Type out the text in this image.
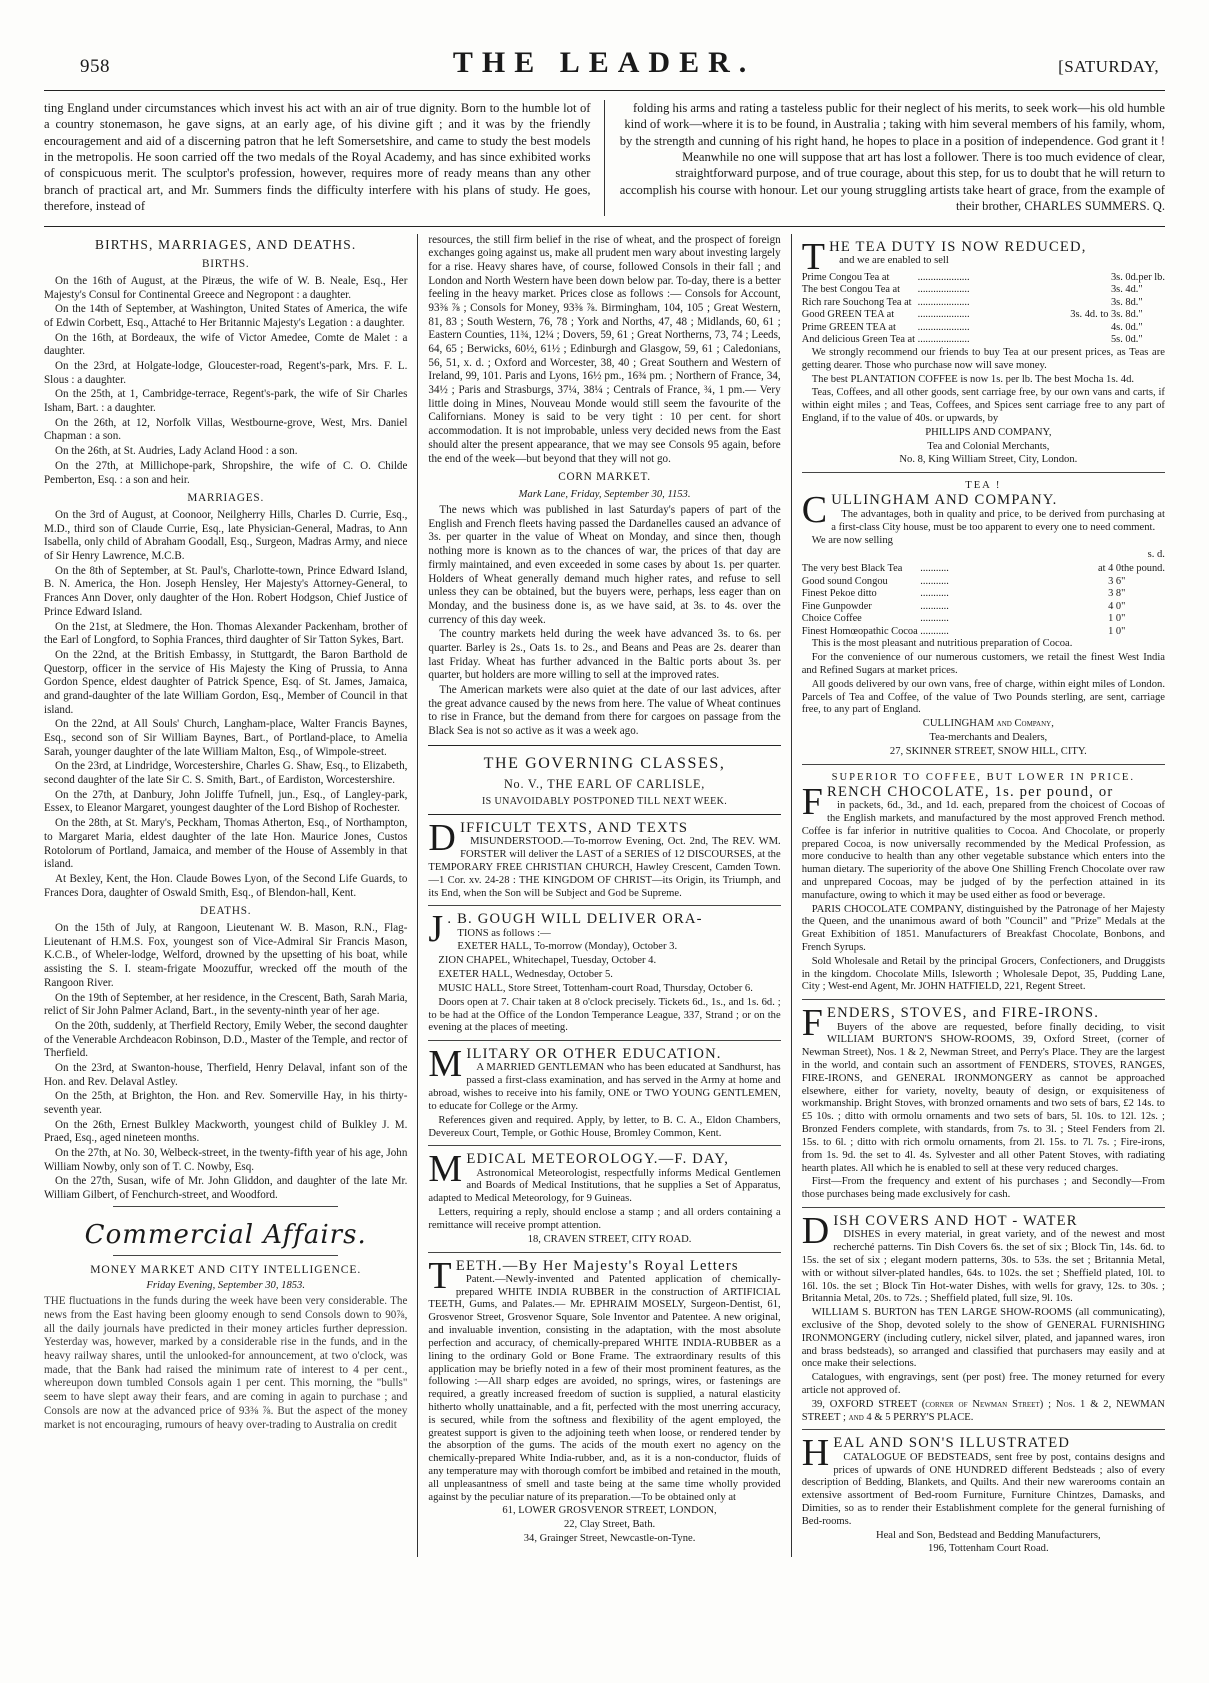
958	THE LEADER.	[SATURDAY,

ting England under circumstances which invest his act with an air of true dignity. Born to the humble lot of a country stonemason, he gave signs, at an early age, of his divine gift ; and it was by the friendly encouragement and aid of a discerning patron that he left Somersetshire, and came to study the best models in the metropolis. He soon carried off the two medals of the Royal Academy, and has since exhibited works of conspicuous merit. The sculptor's profession, however, requires more of ready means than any other branch of practical art, and Mr. Summers finds the difficulty interfere with his plans of study. He goes, therefore, instead of

folding his arms and rating a tasteless public for their neglect of his merits, to seek work—his old humble kind of work—where it is to be found, in Australia ; taking with him several members of his family, whom, by the strength and cunning of his right hand, he hopes to place in a position of independence. God grant it ! Meanwhile no one will suppose that art has lost a follower. There is too much evidence of clear, straightforward purpose, and of true courage, about this step, for us to doubt that he will return to accomplish his course with honour. Let our young struggling artists take heart of grace, from the example of their brother, CHARLES SUMMERS. Q.

BIRTHS, MARRIAGES, AND DEATHS.
BIRTHS.

On the 16th of August, at the Piræus, the wife of W. B. Neale, Esq., Her Majesty's Consul for Continental Greece and Negropont : a daughter.

On the 14th of September, at Washington, United States of America, the wife of Edwin Corbett, Esq., Attaché to Her Britannic Majesty's Legation : a daughter.

On the 16th, at Bordeaux, the wife of Victor Amedee, Comte de Malet : a daughter.

On the 23rd, at Holgate-lodge, Gloucester-road, Regent's-park, Mrs. F. L. Slous : a daughter.

On the 25th, at 1, Cambridge-terrace, Regent's-park, the wife of Sir Charles Isham, Bart. : a daughter.

On the 26th, at 12, Norfolk Villas, Westbourne-grove, West, Mrs. Daniel Chapman : a son.

On the 26th, at St. Audries, Lady Acland Hood : a son.

On the 27th, at Millichope-park, Shropshire, the wife of C. O. Childe Pemberton, Esq. : a son and heir.

MARRIAGES.

On the 3rd of August, at Coonoor, Neilgherry Hills, Charles D. Currie, Esq., M.D., third son of Claude Currie, Esq., late Physician-General, Madras, to Ann Isabella, only child of Abraham Goodall, Esq., Surgeon, Madras Army, and niece of Sir Henry Lawrence, M.C.B.

On the 8th of September, at St. Paul's, Charlotte-town, Prince Edward Island, B. N. America, the Hon. Joseph Hensley, Her Majesty's Attorney-General, to Frances Ann Dover, only daughter of the Hon. Robert Hodgson, Chief Justice of Prince Edward Island.

On the 21st, at Sledmere, the Hon. Thomas Alexander Packenham, brother of the Earl of Longford, to Sophia Frances, third daughter of Sir Tatton Sykes, Bart.

On the 22nd, at the British Embassy, in Stuttgardt, the Baron Barthold de Questorp, officer in the service of His Majesty the King of Prussia, to Anna Gordon Spence, eldest daughter of Patrick Spence, Esq. of St. James, Jamaica, and grand-daughter of the late William Gordon, Esq., Member of Council in that island.

On the 22nd, at All Souls' Church, Langham-place, Walter Francis Baynes, Esq., second son of Sir William Baynes, Bart., of Portland-place, to Amelia Sarah, younger daughter of the late William Malton, Esq., of Wimpole-street.

On the 23rd, at Lindridge, Worcestershire, Charles G. Shaw, Esq., to Elizabeth, second daughter of the late Sir C. S. Smith, Bart., of Eardiston, Worcestershire.

On the 27th, at Danbury, John Joliffe Tufnell, jun., Esq., of Langley-park, Essex, to Eleanor Margaret, youngest daughter of the Lord Bishop of Rochester.

On the 28th, at St. Mary's, Peckham, Thomas Atherton, Esq., of Northampton, to Margaret Maria, eldest daughter of the late Hon. Maurice Jones, Custos Rotolorum of Portland, Jamaica, and member of the House of Assembly in that island.

At Bexley, Kent, the Hon. Claude Bowes Lyon, of the Second Life Guards, to Frances Dora, daughter of Oswald Smith, Esq., of Blendon-hall, Kent.

DEATHS.

On the 15th of July, at Rangoon, Lieutenant W. B. Mason, R.N., Flag-Lieutenant of H.M.S. Fox, youngest son of Vice-Admiral Sir Francis Mason, K.C.B., of Wheler-lodge, Welford, drowned by the upsetting of his boat, while assisting the S. I. steam-frigate Moozuffur, wrecked off the mouth of the Rangoon River.

On the 19th of September, at her residence, in the Crescent, Bath, Sarah Maria, relict of Sir John Palmer Acland, Bart., in the seventy-ninth year of her age.

On the 20th, suddenly, at Therfield Rectory, Emily Weber, the second daughter of the Venerable Archdeacon Robinson, D.D., Master of the Temple, and rector of Therfield.

On the 23rd, at Swanton-house, Therfield, Henry Delaval, infant son of the Hon. and Rev. Delaval Astley.

On the 25th, at Brighton, the Hon. and Rev. Somerville Hay, in his thirty-seventh year.

On the 26th, Ernest Bulkley Mackworth, youngest child of Bulkley J. M. Praed, Esq., aged nineteen months.

On the 27th, at No. 30, Welbeck-street, in the twenty-fifth year of his age, John William Nowby, only son of T. C. Nowby, Esq.

On the 27th, Susan, wife of Mr. John Gliddon, and daughter of the late Mr. William Gilbert, of Fenchurch-street, and Woodford.

Commercial Affairs.
MONEY MARKET AND CITY INTELLIGENCE.
Friday Evening, September 30, 1853.

THE fluctuations in the funds during the week have been very considerable. The news from the East having been gloomy enough to send Consols down to 90⅞, all the daily journals have predicted in their money articles further depression. Yesterday was, however, marked by a considerable rise in the funds, and in the heavy railway shares, until the unlooked-for announcement, at two o'clock, was made, that the Bank had raised the minimum rate of interest to 4 per cent., whereupon down tumbled Consols again 1 per cent. This morning, the "bulls" seem to have slept away their fears, and are coming in again to purchase ; and Consols are now at the advanced price of 93⅜ ⅞. But the aspect of the money market is not encouraging, rumours of heavy over-trading to Australia on credit

resources, the still firm belief in the rise of wheat, and the prospect of foreign exchanges going against us, make all prudent men wary about investing largely for a rise. Heavy shares have, of course, followed Consols in their fall ; and London and North Western have been down below par. To-day, there is a better feeling in the heavy market. Prices close as follows :— Consols for Account, 93⅜ ⅞ ; Consols for Money, 93⅜ ⅞. Birmingham, 104, 105 ; Great Western, 81, 83 ; South Western, 76, 78 ; York and Norths, 47, 48 ; Midlands, 60, 61 ; Eastern Counties, 11¾, 12¼ ; Dovers, 59, 61 ; Great Northerns, 73, 74 ; Leeds, 64, 65 ; Berwicks, 60½, 61½ ; Edinburgh and Glasgow, 59, 61 ; Caledonians, 56, 51, x. d. ; Oxford and Worcester, 38, 40 ; Great Southern and Western of Ireland, 99, 101. Paris and Lyons, 16½ pm., 16¾ pm. ; Northern of France, 34, 34½ ; Paris and Strasburgs, 37¼, 38¼ ; Centrals of France, ¾, 1 pm.— Very little doing in Mines, Nouveau Monde would still seem the favourite of the Californians. Money is said to be very tight : 10 per cent. for short accommodation. It is not improbable, unless very decided news from the East should alter the present appearance, that we may see Consols 95 again, before the end of the week—but beyond that they will not go.

CORN MARKET.
Mark Lane, Friday, September 30, 1153.

The news which was published in last Saturday's papers of part of the English and French fleets having passed the Dardanelles caused an advance of 3s. per quarter in the value of Wheat on Monday, and since then, though nothing more is known as to the chances of war, the prices of that day are firmly maintained, and even exceeded in some cases by about 1s. per quarter. Holders of Wheat generally demand much higher rates, and refuse to sell unless they can be obtained, but the buyers were, perhaps, less eager than on Monday, and the business done is, as we have said, at 3s. to 4s. over the currency of this day week.

The country markets held during the week have advanced 3s. to 6s. per quarter. Barley is 2s., Oats 1s. to 2s., and Beans and Peas are 2s. dearer than last Friday. Wheat has further advanced in the Baltic ports about 3s. per quarter, but holders are more willing to sell at the improved rates.

The American markets were also quiet at the date of our last advices, after the great advance caused by the news from here. The value of Wheat continues to rise in France, but the demand from there for cargoes on passage from the Black Sea is not so active as it was a week ago.

THE GOVERNING CLASSES,
No. V., THE EARL OF CARLISLE,
IS UNAVOIDABLY POSTPONED TILL NEXT WEEK.
DIFFICULT TEXTS, AND TEXTS

MISUNDERSTOOD.—To-morrow Evening, Oct. 2nd, The REV. WM. FORSTER will deliver the LAST of a SERIES of 12 DISCOURSES, at the TEMPORARY FREE CHRISTIAN CHURCH, Hawley Crescent, Camden Town.—1 Cor. xv. 24-28 : THE KINGDOM OF CHRIST—its Origin, its Triumph, and its End, when the Son will be Subject and God be Supreme.

J . B. GOUGH WILL DELIVER ORA-

TIONS as follows :—

EXETER HALL, To-morrow (Monday), October 3.

ZION CHAPEL, Whitechapel, Tuesday, October 4.

EXETER HALL, Wednesday, October 5.

MUSIC HALL, Store Street, Tottenham-court Road, Thursday, October 6.

Doors open at 7. Chair taken at 8 o'clock precisely. Tickets 6d., 1s., and 1s. 6d. ; to be had at the Office of the London Temperance League, 337, Strand ; or on the evening at the places of meeting.

MILITARY OR OTHER EDUCATION.

A MARRIED GENTLEMAN who has been educated at Sandhurst, has passed a first-class examination, and has served in the Army at home and abroad, wishes to receive into his family, ONE or TWO YOUNG GENTLEMEN, to educate for College or the Army.

References given and required. Apply, by letter, to B. C. A., Eldon Chambers, Devereux Court, Temple, or Gothic House, Bromley Common, Kent.

MEDICAL METEOROLOGY.—F. DAY,

Astronomical Meteorologist, respectfully informs Medical Gentlemen and Boards of Medical Institutions, that he supplies a Set of Apparatus, adapted to Medical Meteorology, for 9 Guineas.

Letters, requiring a reply, should enclose a stamp ; and all orders containing a remittance will receive prompt attention.

18, CRAVEN STREET, CITY ROAD.

TEETH.—By Her Majesty's Royal Letters

Patent.—Newly-invented and Patented application of chemically-prepared WHITE INDIA RUBBER in the construction of ARTIFICIAL TEETH, Gums, and Palates.— Mr. EPHRAIM MOSELY, Surgeon-Dentist, 61, Grosvenor Street, Grosvenor Square, Sole Inventor and Patentee. A new original, and invaluable invention, consisting in the adaptation, with the most absolute perfection and accuracy, of chemically-prepared WHITE INDIA-RUBBER as a lining to the ordinary Gold or Bone Frame. The extraordinary results of this application may be briefly noted in a few of their most prominent features, as the following :—All sharp edges are avoided, no springs, wires, or fastenings are required, a greatly increased freedom of suction is supplied, a natural elasticity hitherto wholly unattainable, and a fit, perfected with the most unerring accuracy, is secured, while from the softness and flexibility of the agent employed, the greatest support is given to the adjoining teeth when loose, or rendered tender by the absorption of the gums. The acids of the mouth exert no agency on the chemically-prepared White India-rubber, and, as it is a non-conductor, fluids of any temperature may with thorough comfort be imbibed and retained in the mouth, all unpleasantness of smell and taste being at the same time wholly provided against by the peculiar nature of its preparation.—To be obtained only at

61, LOWER GROSVENOR STREET, LONDON,

22, Clay Street, Bath.

34, Grainger Street, Newcastle-on-Tyne.

THE TEA DUTY IS NOW REDUCED,

and we are enabled to sell

Prime Congou Tea at	....................	3s. 0d.	per lb.
The best Congou Tea at	....................	3s. 4d.	"
Rich rare Souchong Tea at	....................	3s. 8d.	"
Good GREEN TEA at	....................	3s. 4d. to 3s. 8d.	"
Prime GREEN TEA at	....................	4s. 0d.	"
And delicious Green Tea at	....................	5s. 0d.	"

We strongly recommend our friends to buy Tea at our present prices, as Teas are getting dearer. Those who purchase now will save money.

The best PLANTATION COFFEE is now 1s. per lb. The best Mocha 1s. 4d.

Teas, Coffees, and all other goods, sent carriage free, by our own vans and carts, if within eight miles ; and Teas, Coffees, and Spices sent carriage free to any part of England, if to the value of 40s. or upwards, by

PHILLIPS AND COMPANY,

Tea and Colonial Merchants,

No. 8, King William Street, City, London.

TEA !
CULLINGHAM AND COMPANY.

The advantages, both in quality and price, to be derived from purchasing at a first-class City house, must be too apparent to every one to need comment.

We are now selling

s. d.

The very best Black Tea	...........	at 4 0	the pound.
Good sound Congou	...........	3 6	"
Finest Pekoe ditto	...........	3 8	"
Fine Gunpowder	...........	4 0	"
Choice Coffee	...........	1 0	"
Finest Homœopathic Cocoa	...........	1 0	"

This is the most pleasant and nutritious preparation of Cocoa.

For the convenience of our numerous customers, we retail the finest West India and Refined Sugars at market prices.

All goods delivered by our own vans, free of charge, within eight miles of London. Parcels of Tea and Coffee, of the value of Two Pounds sterling, are sent, carriage free, to any part of England.

CULLINGHAM and Company,

Tea-merchants and Dealers,

27, SKINNER STREET, SNOW HILL, CITY.

SUPERIOR TO COFFEE, BUT LOWER IN PRICE.
FRENCH CHOCOLATE, 1s. per pound, or

in packets, 6d., 3d., and 1d. each, prepared from the choicest of Cocoas of the English markets, and manufactured by the most approved French method. Coffee is far inferior in nutritive qualities to Cocoa. And Chocolate, or properly prepared Cocoa, is now universally recommended by the Medical Profession, as more conducive to health than any other vegetable substance which enters into the human dietary. The superiority of the above One Shilling French Chocolate over raw and unprepared Cocoas, may be judged of by the perfection attained in its manufacture, owing to which it may be used either as food or beverage.

PARIS CHOCOLATE COMPANY, distinguished by the Patronage of her Majesty the Queen, and the unanimous award of both "Council" and "Prize" Medals at the Great Exhibition of 1851. Manufacturers of Breakfast Chocolate, Bonbons, and French Syrups.

Sold Wholesale and Retail by the principal Grocers, Confectioners, and Druggists in the kingdom. Chocolate Mills, Isleworth ; Wholesale Depot, 35, Pudding Lane, City ; West-end Agent, Mr. JOHN HATFIELD, 221, Regent Street.

FENDERS, STOVES, and FIRE-IRONS.

Buyers of the above are requested, before finally deciding, to visit WILLIAM BURTON'S SHOW-ROOMS, 39, Oxford Street, (corner of Newman Street), Nos. 1 & 2, Newman Street, and Perry's Place. They are the largest in the world, and contain such an assortment of FENDERS, STOVES, RANGES, FIRE-IRONS, and GENERAL IRONMONGERY as cannot be approached elsewhere, either for variety, novelty, beauty of design, or exquisiteness of workmanship. Bright Stoves, with bronzed ornaments and two sets of bars, £2 14s. to £5 10s. ; ditto with ormolu ornaments and two sets of bars, 5l. 10s. to 12l. 12s. ; Bronzed Fenders complete, with standards, from 7s. to 3l. ; Steel Fenders from 2l. 15s. to 6l. ; ditto with rich ormolu ornaments, from 2l. 15s. to 7l. 7s. ; Fire-irons, from 1s. 9d. the set to 4l. 4s. Sylvester and all other Patent Stoves, with radiating hearth plates. All which he is enabled to sell at these very reduced charges.

First—From the frequency and extent of his purchases ; and Secondly—From those purchases being made exclusively for cash.

DISH COVERS AND HOT - WATER

DISHES in every material, in great variety, and of the newest and most recherché patterns. Tin Dish Covers 6s. the set of six ; Block Tin, 14s. 6d. to 15s. the set of six ; elegant modern patterns, 30s. to 53s. the set ; Britannia Metal, with or without silver-plated handles, 64s. to 102s. the set ; Sheffield plated, 10l. to 16l. 10s. the set ; Block Tin Hot-water Dishes, with wells for gravy, 12s. to 30s. ; Britannia Metal, 20s. to 72s. ; Sheffield plated, full size, 9l. 10s.

WILLIAM S. BURTON has TEN LARGE SHOW-ROOMS (all communicating), exclusive of the Shop, devoted solely to the show of GENERAL FURNISHING IRONMONGERY (including cutlery, nickel silver, plated, and japanned wares, iron and brass bedsteads), so arranged and classified that purchasers may easily and at once make their selections.

Catalogues, with engravings, sent (per post) free. The money returned for every article not approved of.

39, OXFORD STREET (corner of Newman Street) ; Nos. 1 & 2, NEWMAN STREET ; and 4 & 5 PERRY'S PLACE.

HEAL AND SON'S ILLUSTRATED

CATALOGUE OF BEDSTEADS, sent free by post, contains designs and prices of upwards of ONE HUNDRED different Bedsteads ; also of every description of Bedding, Blankets, and Quilts. And their new warerooms contain an extensive assortment of Bed-room Furniture, Furniture Chintzes, Damasks, and Dimities, so as to render their Establishment complete for the general furnishing of Bed-rooms.

Heal and Son, Bedstead and Bedding Manufacturers,

196, Tottenham Court Road.
